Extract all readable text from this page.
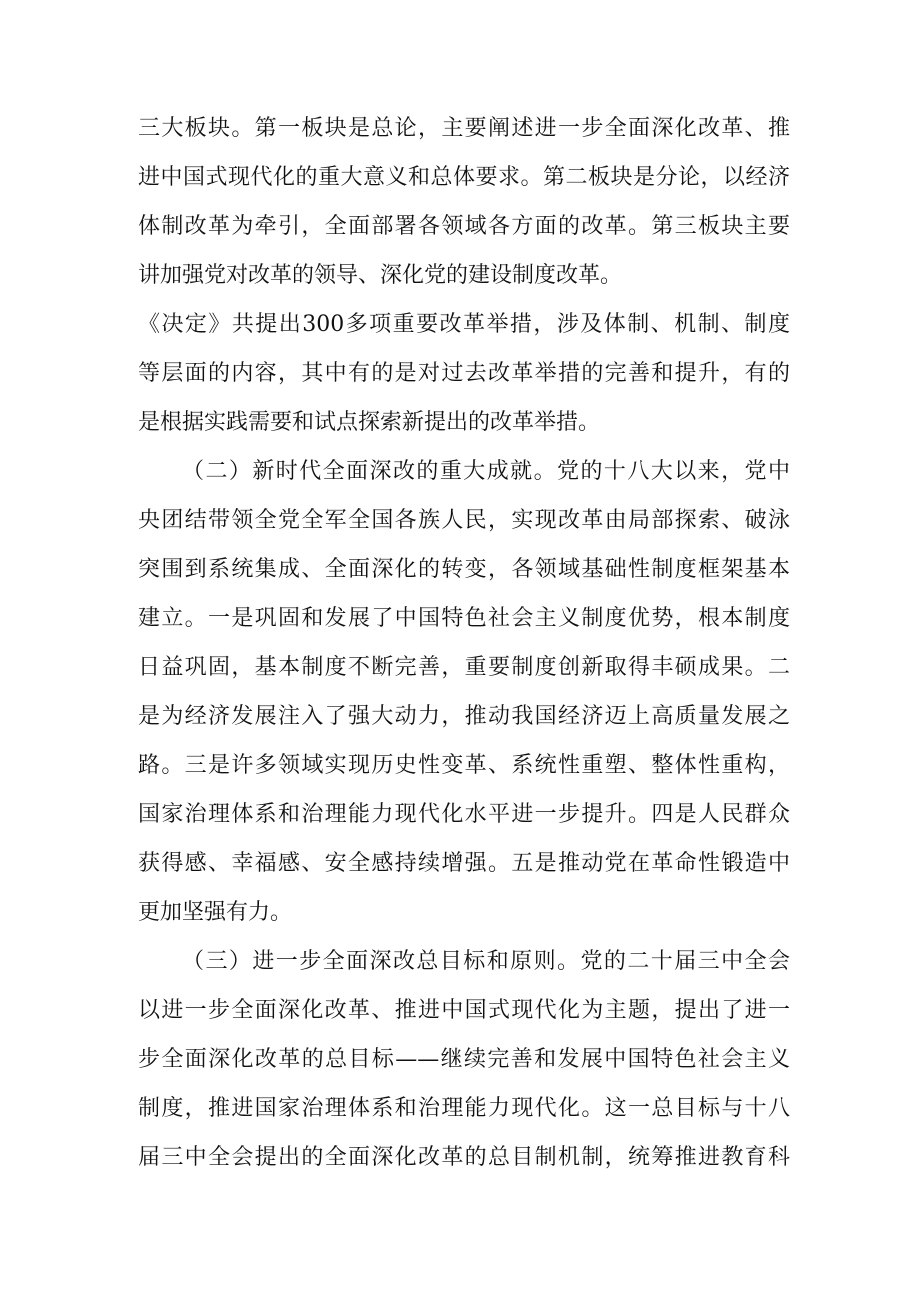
三大板块。第一板块是总论，主要阐述进一步全面深化改革、推
进中国式现代化的重大意义和总体要求。第二板块是分论，以经济
体制改革为牵引，全面部署各领域各方面的改革。第三板块主要
讲加强党对改革的领导、深化党的建设制度改革。
《决定》共提出300多项重要改革举措，涉及体制、机制、制度
等层面的内容，其中有的是对过去改革举措的完善和提升，有的
是根据实践需要和试点探索新提出的改革举措。
（二）新时代全面深改的重大成就。党的十八大以来，党中
央团结带领全党全军全国各族人民，实现改革由局部探索、破泳
突围到系统集成、全面深化的转变，各领域基础性制度框架基本
建立。一是巩固和发展了中国特色社会主义制度优势，根本制度
日益巩固，基本制度不断完善，重要制度创新取得丰硕成果。二
是为经济发展注入了强大动力，推动我国经济迈上高质量发展之
路。三是许多领域实现历史性变革、系统性重塑、整体性重构，
国家治理体系和治理能力现代化水平进一步提升。四是人民群众
获得感、幸福感、安全感持续增强。五是推动党在革命性锻造中
更加坚强有力。
（三）进一步全面深改总目标和原则。党的二十届三中全会
以进一步全面深化改革、推进中国式现代化为主题，提出了进一
步全面深化改革的总目标——继续完善和发展中国特色社会主义
制度，推进国家治理体系和治理能力现代化。这一总目标与十八
届三中全会提出的全面深化改革的总目制机制，统筹推进教育科
